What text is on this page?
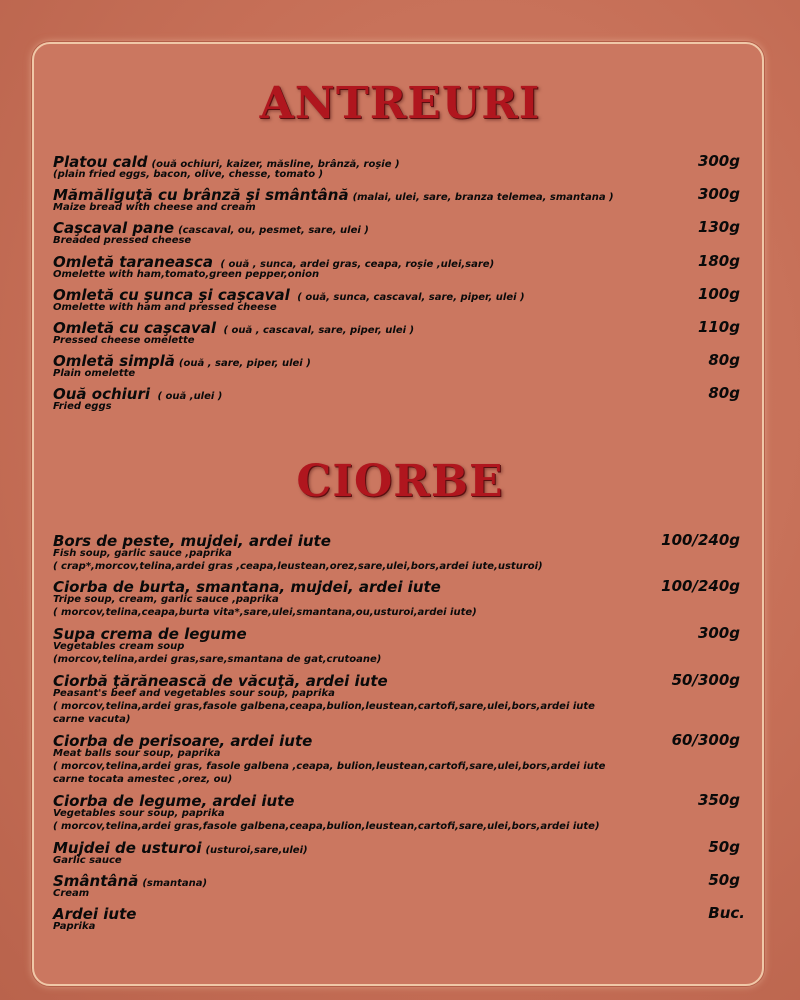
ANTREURI
CIORBE
Platou cald (ouă ochiuri, kaizer, măsline, brânză, roşie )	300g
(plain fried eggs, bacon, olive, chesse, tomato )
Mămăliguţă cu brânză şi smântână (malai, ulei, sare, branza telemea, smantana )	300g
Maize bread with cheese and cream
Caşcaval pane (cascaval, ou, pesmet, sare, ulei )	130g
Breaded pressed cheese
Omletă taraneasca ( ouă , sunca, ardei gras, ceapa, roşie ,ulei,sare)	180g
Omelette with ham,tomato,green pepper,onion
Omletă cu şunca şi caşcaval ( ouă, sunca, cascaval, sare, piper, ulei )	100g
Omelette with ham and pressed cheese
Omletă cu caşcaval ( ouă , cascaval, sare, piper, ulei )	110g
Pressed cheese omelette
Omletă simplă (ouă , sare, piper, ulei )	80g
Plain omelette
Ouă ochiuri ( ouă ,ulei )	80g
Fried eggs
Bors de peste, mujdei, ardei iute	100/240g
Fish soup, garlic sauce ,paprika
( crap*,morcov,telina,ardei gras ,ceapa,leustean,orez,sare,ulei,bors,ardei iute,usturoi)
Ciorba de burta, smantana, mujdei, ardei iute	100/240g
Tripe soup, cream, garlic sauce ,paprika
( morcov,telina,ceapa,burta vita*,sare,ulei,smantana,ou,usturoi,ardei iute)
Supa crema de legume	300g
Vegetables cream soup
(morcov,telina,ardei gras,sare,smantana de gat,crutoane)
Ciorbă ţărănească de văcuţă, ardei iute	50/300g
Peasant's beef and vegetables sour soup, paprika
( morcov,telina,ardei gras,fasole galbena,ceapa,bulion,leustean,cartofi,sare,ulei,bors,ardei iute
carne vacuta)
Ciorba de perisoare, ardei iute	60/300g
Meat balls sour soup, paprika
( morcov,telina,ardei gras, fasole galbena ,ceapa, bulion,leustean,cartofi,sare,ulei,bors,ardei iute
carne tocata amestec ,orez, ou)
Ciorba de legume, ardei iute	350g
Vegetables sour soup, paprika
( morcov,telina,ardei gras,fasole galbena,ceapa,bulion,leustean,cartofi,sare,ulei,bors,ardei iute)
Mujdei de usturoi (usturoi,sare,ulei)	50g
Garlic sauce
Smântână (smantana)	50g
Cream
Ardei iute	Buc.
Paprika
